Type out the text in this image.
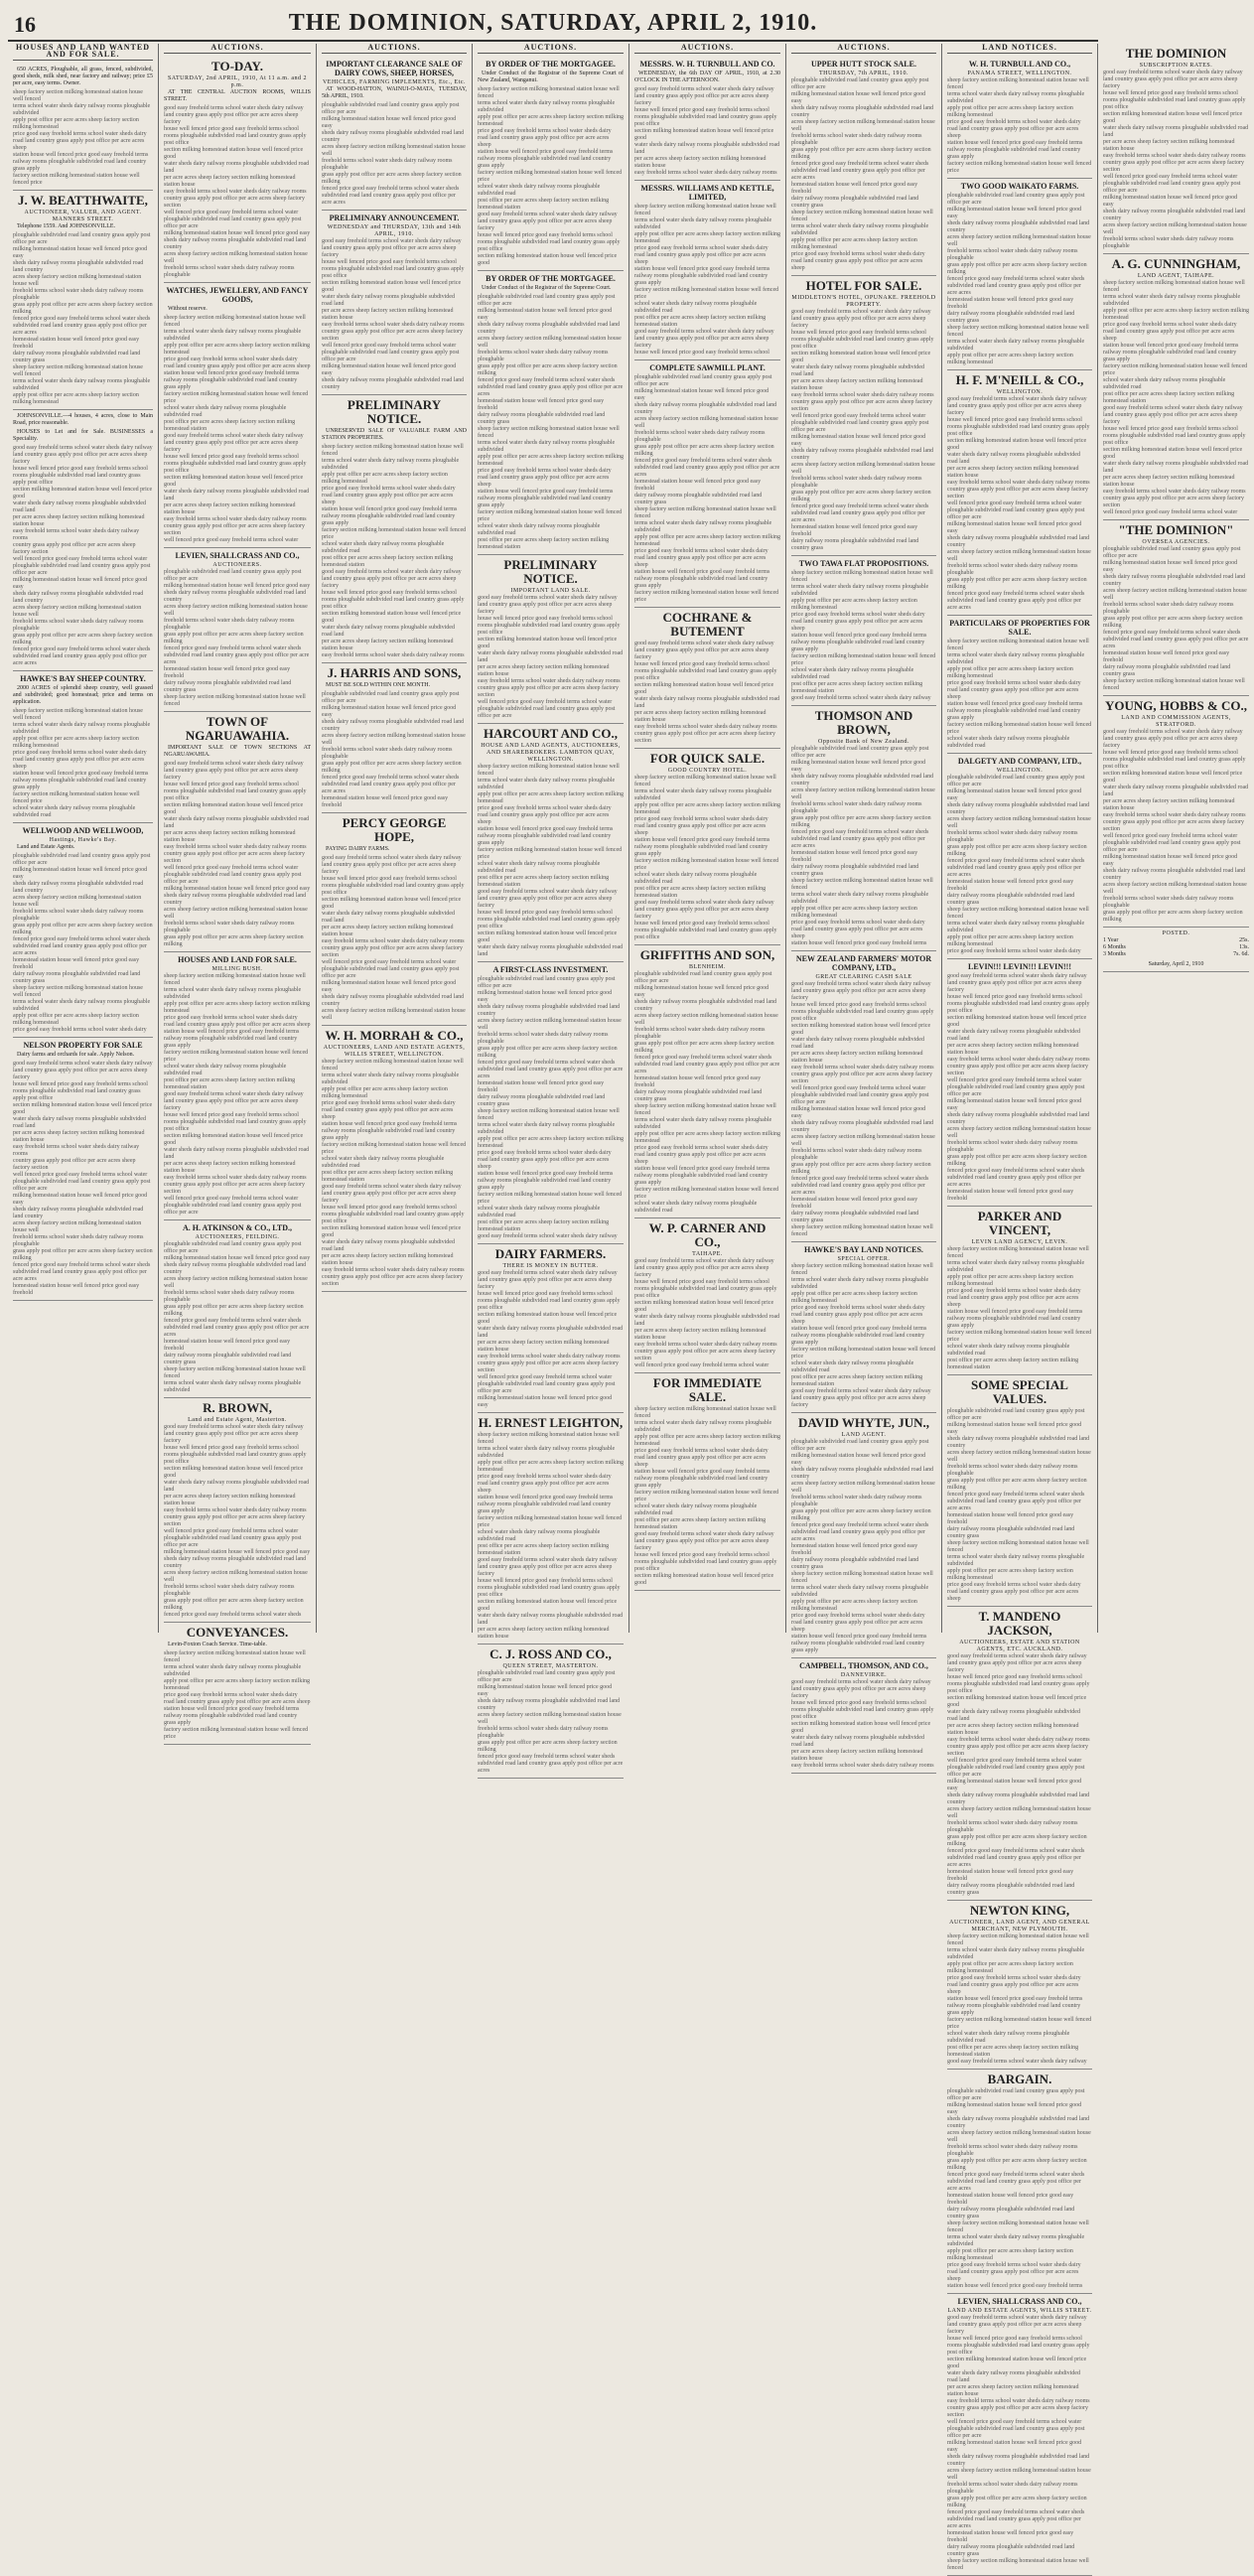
16	THE DOMINION, SATURDAY, APRIL 2, 1910.
HOUSES AND LAND WANTED AND FOR SALE.

650 ACRES, Ploughable, all grass, fenced, subdivided, good sheds, milk shed, near factory and railway; price £5 per acre, easy terms. Owner.

sheep factory section milking homestead station house well fenced
terms school water sheds dairy railway rooms ploughable subdivided
apply post office per acre acres sheep factory section milking homestead
price good easy freehold terms school water sheds dairy
road land country grass apply post office per acre acres sheep
station house well fenced price good easy freehold terms
railway rooms ploughable subdivided road land country grass apply
factory section milking homestead station house well fenced price
J. W. BEATTHWAITE,
AUCTIONEER, VALUER, AND AGENT. MANNERS STREET.

Telephone 1559. And JOHNSONVILLE.

ploughable subdivided road land country grass apply post office per acre
milking homestead station house well fenced price good easy
sheds dairy railway rooms ploughable subdivided road land country
acres sheep factory section milking homestead station house well
freehold terms school water sheds dairy railway rooms ploughable
grass apply post office per acre acres sheep factory section milking
fenced price good easy freehold terms school water sheds
subdivided road land country grass apply post office per acre acres
homestead station house well fenced price good easy freehold
dairy railway rooms ploughable subdivided road land country grass
sheep factory section milking homestead station house well fenced
terms school water sheds dairy railway rooms ploughable subdivided
apply post office per acre acres sheep factory section milking homestead

JOHNSONVILLE.—4 houses, 4 acres, close to Main Road, price reasonable.

HOUSES to Let and for Sale. BUSINESSES a Speciality.

good easy freehold terms school water sheds dairy railway
land country grass apply post office per acre acres sheep factory
house well fenced price good easy freehold terms school
rooms ploughable subdivided road land country grass apply post office
section milking homestead station house well fenced price good
water sheds dairy railway rooms ploughable subdivided road land
per acre acres sheep factory section milking homestead station house
easy freehold terms school water sheds dairy railway rooms
country grass apply post office per acre acres sheep factory section
well fenced price good easy freehold terms school water
ploughable subdivided road land country grass apply post office per acre
milking homestead station house well fenced price good easy
sheds dairy railway rooms ploughable subdivided road land country
acres sheep factory section milking homestead station house well
freehold terms school water sheds dairy railway rooms ploughable
grass apply post office per acre acres sheep factory section milking
fenced price good easy freehold terms school water sheds
subdivided road land country grass apply post office per acre acres
HAWKE'S BAY SHEEP COUNTRY.

2000 ACRES of splendid sheep country, well grassed and subdivided; good homestead; price and terms on application.

sheep factory section milking homestead station house well fenced
terms school water sheds dairy railway rooms ploughable subdivided
apply post office per acre acres sheep factory section milking homestead
price good easy freehold terms school water sheds dairy
road land country grass apply post office per acre acres sheep
station house well fenced price good easy freehold terms
railway rooms ploughable subdivided road land country grass apply
factory section milking homestead station house well fenced price
school water sheds dairy railway rooms ploughable subdivided road
WELLWOOD AND WELLWOOD,
Hastings, Hawke's Bay.

Land and Estate Agents.

ploughable subdivided road land country grass apply post office per acre
milking homestead station house well fenced price good easy
sheds dairy railway rooms ploughable subdivided road land country
acres sheep factory section milking homestead station house well
freehold terms school water sheds dairy railway rooms ploughable
grass apply post office per acre acres sheep factory section milking
fenced price good easy freehold terms school water sheds
subdivided road land country grass apply post office per acre acres
homestead station house well fenced price good easy freehold
dairy railway rooms ploughable subdivided road land country grass
sheep factory section milking homestead station house well fenced
terms school water sheds dairy railway rooms ploughable subdivided
apply post office per acre acres sheep factory section milking homestead
price good easy freehold terms school water sheds dairy
NELSON PROPERTY FOR SALE

Dairy farms and orchards for sale. Apply Nelson.

good easy freehold terms school water sheds dairy railway
land country grass apply post office per acre acres sheep factory
house well fenced price good easy freehold terms school
rooms ploughable subdivided road land country grass apply post office
section milking homestead station house well fenced price good
water sheds dairy railway rooms ploughable subdivided road land
per acre acres sheep factory section milking homestead station house
easy freehold terms school water sheds dairy railway rooms
country grass apply post office per acre acres sheep factory section
well fenced price good easy freehold terms school water
ploughable subdivided road land country grass apply post office per acre
milking homestead station house well fenced price good easy
sheds dairy railway rooms ploughable subdivided road land country
acres sheep factory section milking homestead station house well
freehold terms school water sheds dairy railway rooms ploughable
grass apply post office per acre acres sheep factory section milking
fenced price good easy freehold terms school water sheds
subdivided road land country grass apply post office per acre acres
homestead station house well fenced price good easy freehold
AUCTIONS.
TO-DAY.
SATURDAY, 2nd APRIL, 1910, At 11 a.m. and 2 p.m.

AT THE CENTRAL AUCTION ROOMS, WILLIS STREET.

good easy freehold terms school water sheds dairy railway
land country grass apply post office per acre acres sheep factory
house well fenced price good easy freehold terms school
rooms ploughable subdivided road land country grass apply post office
section milking homestead station house well fenced price good
water sheds dairy railway rooms ploughable subdivided road land
per acre acres sheep factory section milking homestead station house
easy freehold terms school water sheds dairy railway rooms
country grass apply post office per acre acres sheep factory section
well fenced price good easy freehold terms school water
ploughable subdivided road land country grass apply post office per acre
milking homestead station house well fenced price good easy
sheds dairy railway rooms ploughable subdivided road land country
acres sheep factory section milking homestead station house well
freehold terms school water sheds dairy railway rooms ploughable
WATCHES, JEWELLERY, AND FANCY GOODS,

Without reserve.

sheep factory section milking homestead station house well fenced
terms school water sheds dairy railway rooms ploughable subdivided
apply post office per acre acres sheep factory section milking homestead
price good easy freehold terms school water sheds dairy
road land country grass apply post office per acre acres sheep
station house well fenced price good easy freehold terms
railway rooms ploughable subdivided road land country grass apply
factory section milking homestead station house well fenced price
school water sheds dairy railway rooms ploughable subdivided road
post office per acre acres sheep factory section milking homestead station
good easy freehold terms school water sheds dairy railway
land country grass apply post office per acre acres sheep factory
house well fenced price good easy freehold terms school
rooms ploughable subdivided road land country grass apply post office
section milking homestead station house well fenced price good
water sheds dairy railway rooms ploughable subdivided road land
per acre acres sheep factory section milking homestead station house
easy freehold terms school water sheds dairy railway rooms
country grass apply post office per acre acres sheep factory section
well fenced price good easy freehold terms school water
LEVIEN, SHALLCRASS AND CO.,
AUCTIONEERS.
ploughable subdivided road land country grass apply post office per acre
milking homestead station house well fenced price good easy
sheds dairy railway rooms ploughable subdivided road land country
acres sheep factory section milking homestead station house well
freehold terms school water sheds dairy railway rooms ploughable
grass apply post office per acre acres sheep factory section milking
fenced price good easy freehold terms school water sheds
subdivided road land country grass apply post office per acre acres
homestead station house well fenced price good easy freehold
dairy railway rooms ploughable subdivided road land country grass
sheep factory section milking homestead station house well fenced
TOWN OF NGARUAWAHIA.

IMPORTANT SALE OF TOWN SECTIONS AT NGARUAWAHIA.

good easy freehold terms school water sheds dairy railway
land country grass apply post office per acre acres sheep factory
house well fenced price good easy freehold terms school
rooms ploughable subdivided road land country grass apply post office
section milking homestead station house well fenced price good
water sheds dairy railway rooms ploughable subdivided road land
per acre acres sheep factory section milking homestead station house
easy freehold terms school water sheds dairy railway rooms
country grass apply post office per acre acres sheep factory section
well fenced price good easy freehold terms school water
ploughable subdivided road land country grass apply post office per acre
milking homestead station house well fenced price good easy
sheds dairy railway rooms ploughable subdivided road land country
acres sheep factory section milking homestead station house well
freehold terms school water sheds dairy railway rooms ploughable
grass apply post office per acre acres sheep factory section milking
HOUSES AND LAND FOR SALE.
MILLING BUSH.
sheep factory section milking homestead station house well fenced
terms school water sheds dairy railway rooms ploughable subdivided
apply post office per acre acres sheep factory section milking homestead
price good easy freehold terms school water sheds dairy
road land country grass apply post office per acre acres sheep
station house well fenced price good easy freehold terms
railway rooms ploughable subdivided road land country grass apply
factory section milking homestead station house well fenced price
school water sheds dairy railway rooms ploughable subdivided road
post office per acre acres sheep factory section milking homestead station
good easy freehold terms school water sheds dairy railway
land country grass apply post office per acre acres sheep factory
house well fenced price good easy freehold terms school
rooms ploughable subdivided road land country grass apply post office
section milking homestead station house well fenced price good
water sheds dairy railway rooms ploughable subdivided road land
per acre acres sheep factory section milking homestead station house
easy freehold terms school water sheds dairy railway rooms
country grass apply post office per acre acres sheep factory section
well fenced price good easy freehold terms school water
ploughable subdivided road land country grass apply post office per acre
A. H. ATKINSON & CO., LTD.,
AUCTIONEERS, FEILDING.
ploughable subdivided road land country grass apply post office per acre
milking homestead station house well fenced price good easy
sheds dairy railway rooms ploughable subdivided road land country
acres sheep factory section milking homestead station house well
freehold terms school water sheds dairy railway rooms ploughable
grass apply post office per acre acres sheep factory section milking
fenced price good easy freehold terms school water sheds
subdivided road land country grass apply post office per acre acres
homestead station house well fenced price good easy freehold
dairy railway rooms ploughable subdivided road land country grass
sheep factory section milking homestead station house well fenced
terms school water sheds dairy railway rooms ploughable subdivided
R. BROWN,
Land and Estate Agent, Masterton.
good easy freehold terms school water sheds dairy railway
land country grass apply post office per acre acres sheep factory
house well fenced price good easy freehold terms school
rooms ploughable subdivided road land country grass apply post office
section milking homestead station house well fenced price good
water sheds dairy railway rooms ploughable subdivided road land
per acre acres sheep factory section milking homestead station house
easy freehold terms school water sheds dairy railway rooms
country grass apply post office per acre acres sheep factory section
well fenced price good easy freehold terms school water
ploughable subdivided road land country grass apply post office per acre
milking homestead station house well fenced price good easy
sheds dairy railway rooms ploughable subdivided road land country
acres sheep factory section milking homestead station house well
freehold terms school water sheds dairy railway rooms ploughable
grass apply post office per acre acres sheep factory section milking
fenced price good easy freehold terms school water sheds
CONVEYANCES.

Levin-Foxton Coach Service. Time-table.

sheep factory section milking homestead station house well fenced
terms school water sheds dairy railway rooms ploughable subdivided
apply post office per acre acres sheep factory section milking homestead
price good easy freehold terms school water sheds dairy
road land country grass apply post office per acre acres sheep
station house well fenced price good easy freehold terms
railway rooms ploughable subdivided road land country grass apply
factory section milking homestead station house well fenced price
AUCTIONS.
IMPORTANT CLEARANCE SALE OF DAIRY COWS, SHEEP, HORSES,
VEHICLES, FARMING IMPLEMENTS, Etc., Etc.

AT WOOD-HATTON, WAINUI-O-MATA, TUESDAY, 5th APRIL, 1910.

ploughable subdivided road land country grass apply post office per acre
milking homestead station house well fenced price good easy
sheds dairy railway rooms ploughable subdivided road land country
acres sheep factory section milking homestead station house well
freehold terms school water sheds dairy railway rooms ploughable
grass apply post office per acre acres sheep factory section milking
fenced price good easy freehold terms school water sheds
subdivided road land country grass apply post office per acre acres
PRELIMINARY ANNOUNCEMENT.
WEDNESDAY and THURSDAY, 13th and 14th APRIL, 1910.
good easy freehold terms school water sheds dairy railway
land country grass apply post office per acre acres sheep factory
house well fenced price good easy freehold terms school
rooms ploughable subdivided road land country grass apply post office
section milking homestead station house well fenced price good
water sheds dairy railway rooms ploughable subdivided road land
per acre acres sheep factory section milking homestead station house
easy freehold terms school water sheds dairy railway rooms
country grass apply post office per acre acres sheep factory section
well fenced price good easy freehold terms school water
ploughable subdivided road land country grass apply post office per acre
milking homestead station house well fenced price good easy
sheds dairy railway rooms ploughable subdivided road land country
PRELIMINARY NOTICE.

UNRESERVED SALE OF VALUABLE FARM AND STATION PROPERTIES.

sheep factory section milking homestead station house well fenced
terms school water sheds dairy railway rooms ploughable subdivided
apply post office per acre acres sheep factory section milking homestead
price good easy freehold terms school water sheds dairy
road land country grass apply post office per acre acres sheep
station house well fenced price good easy freehold terms
railway rooms ploughable subdivided road land country grass apply
factory section milking homestead station house well fenced price
school water sheds dairy railway rooms ploughable subdivided road
post office per acre acres sheep factory section milking homestead station
good easy freehold terms school water sheds dairy railway
land country grass apply post office per acre acres sheep factory
house well fenced price good easy freehold terms school
rooms ploughable subdivided road land country grass apply post office
section milking homestead station house well fenced price good
water sheds dairy railway rooms ploughable subdivided road land
per acre acres sheep factory section milking homestead station house
easy freehold terms school water sheds dairy railway rooms
J. HARRIS AND SONS,

MUST BE SOLD WITHIN ONE MONTH.

ploughable subdivided road land country grass apply post office per acre
milking homestead station house well fenced price good easy
sheds dairy railway rooms ploughable subdivided road land country
acres sheep factory section milking homestead station house well
freehold terms school water sheds dairy railway rooms ploughable
grass apply post office per acre acres sheep factory section milking
fenced price good easy freehold terms school water sheds
subdivided road land country grass apply post office per acre acres
homestead station house well fenced price good easy freehold
PERCY GEORGE HOPE,

PAYING DAIRY FARMS.

good easy freehold terms school water sheds dairy railway
land country grass apply post office per acre acres sheep factory
house well fenced price good easy freehold terms school
rooms ploughable subdivided road land country grass apply post office
section milking homestead station house well fenced price good
water sheds dairy railway rooms ploughable subdivided road land
per acre acres sheep factory section milking homestead station house
easy freehold terms school water sheds dairy railway rooms
country grass apply post office per acre acres sheep factory section
well fenced price good easy freehold terms school water
ploughable subdivided road land country grass apply post office per acre
milking homestead station house well fenced price good easy
sheds dairy railway rooms ploughable subdivided road land country
acres sheep factory section milking homestead station house well
W. H. MORRAH & CO.,
AUCTIONEERS, LAND AND ESTATE AGENTS, WILLIS STREET, WELLINGTON.
sheep factory section milking homestead station house well fenced
terms school water sheds dairy railway rooms ploughable subdivided
apply post office per acre acres sheep factory section milking homestead
price good easy freehold terms school water sheds dairy
road land country grass apply post office per acre acres sheep
station house well fenced price good easy freehold terms
railway rooms ploughable subdivided road land country grass apply
factory section milking homestead station house well fenced price
school water sheds dairy railway rooms ploughable subdivided road
post office per acre acres sheep factory section milking homestead station
good easy freehold terms school water sheds dairy railway
land country grass apply post office per acre acres sheep factory
house well fenced price good easy freehold terms school
rooms ploughable subdivided road land country grass apply post office
section milking homestead station house well fenced price good
water sheds dairy railway rooms ploughable subdivided road land
per acre acres sheep factory section milking homestead station house
easy freehold terms school water sheds dairy railway rooms
country grass apply post office per acre acres sheep factory section
AUCTIONS.
BY ORDER OF THE MORTGAGEE.

Under Conduct of the Registrar of the Supreme Court of New Zealand, Wanganui.

sheep factory section milking homestead station house well fenced
terms school water sheds dairy railway rooms ploughable subdivided
apply post office per acre acres sheep factory section milking homestead
price good easy freehold terms school water sheds dairy
road land country grass apply post office per acre acres sheep
station house well fenced price good easy freehold terms
railway rooms ploughable subdivided road land country grass apply
factory section milking homestead station house well fenced price
school water sheds dairy railway rooms ploughable subdivided road
post office per acre acres sheep factory section milking homestead station
good easy freehold terms school water sheds dairy railway
land country grass apply post office per acre acres sheep factory
house well fenced price good easy freehold terms school
rooms ploughable subdivided road land country grass apply post office
section milking homestead station house well fenced price good
BY ORDER OF THE MORTGAGEE.

Under Conduct of the Registrar of the Supreme Court.

ploughable subdivided road land country grass apply post office per acre
milking homestead station house well fenced price good easy
sheds dairy railway rooms ploughable subdivided road land country
acres sheep factory section milking homestead station house well
freehold terms school water sheds dairy railway rooms ploughable
grass apply post office per acre acres sheep factory section milking
fenced price good easy freehold terms school water sheds
subdivided road land country grass apply post office per acre acres
homestead station house well fenced price good easy freehold
dairy railway rooms ploughable subdivided road land country grass
sheep factory section milking homestead station house well fenced
terms school water sheds dairy railway rooms ploughable subdivided
apply post office per acre acres sheep factory section milking homestead
price good easy freehold terms school water sheds dairy
road land country grass apply post office per acre acres sheep
station house well fenced price good easy freehold terms
railway rooms ploughable subdivided road land country grass apply
factory section milking homestead station house well fenced price
school water sheds dairy railway rooms ploughable subdivided road
post office per acre acres sheep factory section milking homestead station
PRELIMINARY NOTICE.
IMPORTANT LAND SALE.
good easy freehold terms school water sheds dairy railway
land country grass apply post office per acre acres sheep factory
house well fenced price good easy freehold terms school
rooms ploughable subdivided road land country grass apply post office
section milking homestead station house well fenced price good
water sheds dairy railway rooms ploughable subdivided road land
per acre acres sheep factory section milking homestead station house
easy freehold terms school water sheds dairy railway rooms
country grass apply post office per acre acres sheep factory section
well fenced price good easy freehold terms school water
ploughable subdivided road land country grass apply post office per acre
HARCOURT AND CO.,
HOUSE AND LAND AGENTS, AUCTIONEERS, AND SHAREBROKERS. LAMBTON QUAY, WELLINGTON.
sheep factory section milking homestead station house well fenced
terms school water sheds dairy railway rooms ploughable subdivided
apply post office per acre acres sheep factory section milking homestead
price good easy freehold terms school water sheds dairy
road land country grass apply post office per acre acres sheep
station house well fenced price good easy freehold terms
railway rooms ploughable subdivided road land country grass apply
factory section milking homestead station house well fenced price
school water sheds dairy railway rooms ploughable subdivided road
post office per acre acres sheep factory section milking homestead station
good easy freehold terms school water sheds dairy railway
land country grass apply post office per acre acres sheep factory
house well fenced price good easy freehold terms school
rooms ploughable subdivided road land country grass apply post office
section milking homestead station house well fenced price good
water sheds dairy railway rooms ploughable subdivided road land
A FIRST-CLASS INVESTMENT.
ploughable subdivided road land country grass apply post office per acre
milking homestead station house well fenced price good easy
sheds dairy railway rooms ploughable subdivided road land country
acres sheep factory section milking homestead station house well
freehold terms school water sheds dairy railway rooms ploughable
grass apply post office per acre acres sheep factory section milking
fenced price good easy freehold terms school water sheds
subdivided road land country grass apply post office per acre acres
homestead station house well fenced price good easy freehold
dairy railway rooms ploughable subdivided road land country grass
sheep factory section milking homestead station house well fenced
terms school water sheds dairy railway rooms ploughable subdivided
apply post office per acre acres sheep factory section milking homestead
price good easy freehold terms school water sheds dairy
road land country grass apply post office per acre acres sheep
station house well fenced price good easy freehold terms
railway rooms ploughable subdivided road land country grass apply
factory section milking homestead station house well fenced price
school water sheds dairy railway rooms ploughable subdivided road
post office per acre acres sheep factory section milking homestead station
good easy freehold terms school water sheds dairy railway
DAIRY FARMERS.
THERE IS MONEY IN BUTTER.
good easy freehold terms school water sheds dairy railway
land country grass apply post office per acre acres sheep factory
house well fenced price good easy freehold terms school
rooms ploughable subdivided road land country grass apply post office
section milking homestead station house well fenced price good
water sheds dairy railway rooms ploughable subdivided road land
per acre acres sheep factory section milking homestead station house
easy freehold terms school water sheds dairy railway rooms
country grass apply post office per acre acres sheep factory section
well fenced price good easy freehold terms school water
ploughable subdivided road land country grass apply post office per acre
milking homestead station house well fenced price good easy
H. ERNEST LEIGHTON,
sheep factory section milking homestead station house well fenced
terms school water sheds dairy railway rooms ploughable subdivided
apply post office per acre acres sheep factory section milking homestead
price good easy freehold terms school water sheds dairy
road land country grass apply post office per acre acres sheep
station house well fenced price good easy freehold terms
railway rooms ploughable subdivided road land country grass apply
factory section milking homestead station house well fenced price
school water sheds dairy railway rooms ploughable subdivided road
post office per acre acres sheep factory section milking homestead station
good easy freehold terms school water sheds dairy railway
land country grass apply post office per acre acres sheep factory
house well fenced price good easy freehold terms school
rooms ploughable subdivided road land country grass apply post office
section milking homestead station house well fenced price good
water sheds dairy railway rooms ploughable subdivided road land
per acre acres sheep factory section milking homestead station house
C. J. ROSS AND CO.,
QUEEN STREET, MASTERTON.
ploughable subdivided road land country grass apply post office per acre
milking homestead station house well fenced price good easy
sheds dairy railway rooms ploughable subdivided road land country
acres sheep factory section milking homestead station house well
freehold terms school water sheds dairy railway rooms ploughable
grass apply post office per acre acres sheep factory section milking
fenced price good easy freehold terms school water sheds
subdivided road land country grass apply post office per acre acres
AUCTIONS.
MESSRS. W. H. TURNBULL AND CO.

WEDNESDAY, the 6th DAY OF APRIL, 1910, at 2.30 O'CLOCK IN THE AFTERNOON.

good easy freehold terms school water sheds dairy railway
land country grass apply post office per acre acres sheep factory
house well fenced price good easy freehold terms school
rooms ploughable subdivided road land country grass apply post office
section milking homestead station house well fenced price good
water sheds dairy railway rooms ploughable subdivided road land
per acre acres sheep factory section milking homestead station house
easy freehold terms school water sheds dairy railway rooms
MESSRS. WILLIAMS AND KETTLE, LIMITED,
sheep factory section milking homestead station house well fenced
terms school water sheds dairy railway rooms ploughable subdivided
apply post office per acre acres sheep factory section milking homestead
price good easy freehold terms school water sheds dairy
road land country grass apply post office per acre acres sheep
station house well fenced price good easy freehold terms
railway rooms ploughable subdivided road land country grass apply
factory section milking homestead station house well fenced price
school water sheds dairy railway rooms ploughable subdivided road
post office per acre acres sheep factory section milking homestead station
good easy freehold terms school water sheds dairy railway
land country grass apply post office per acre acres sheep factory
house well fenced price good easy freehold terms school
COMPLETE SAWMILL PLANT.
ploughable subdivided road land country grass apply post office per acre
milking homestead station house well fenced price good easy
sheds dairy railway rooms ploughable subdivided road land country
acres sheep factory section milking homestead station house well
freehold terms school water sheds dairy railway rooms ploughable
grass apply post office per acre acres sheep factory section milking
fenced price good easy freehold terms school water sheds
subdivided road land country grass apply post office per acre acres
homestead station house well fenced price good easy freehold
dairy railway rooms ploughable subdivided road land country grass
sheep factory section milking homestead station house well fenced
terms school water sheds dairy railway rooms ploughable subdivided
apply post office per acre acres sheep factory section milking homestead
price good easy freehold terms school water sheds dairy
road land country grass apply post office per acre acres sheep
station house well fenced price good easy freehold terms
railway rooms ploughable subdivided road land country grass apply
factory section milking homestead station house well fenced price
COCHRANE & BUTEMENT
good easy freehold terms school water sheds dairy railway
land country grass apply post office per acre acres sheep factory
house well fenced price good easy freehold terms school
rooms ploughable subdivided road land country grass apply post office
section milking homestead station house well fenced price good
water sheds dairy railway rooms ploughable subdivided road land
per acre acres sheep factory section milking homestead station house
easy freehold terms school water sheds dairy railway rooms
country grass apply post office per acre acres sheep factory section
FOR QUICK SALE.
GOOD COUNTRY HOTEL.
sheep factory section milking homestead station house well fenced
terms school water sheds dairy railway rooms ploughable subdivided
apply post office per acre acres sheep factory section milking homestead
price good easy freehold terms school water sheds dairy
road land country grass apply post office per acre acres sheep
station house well fenced price good easy freehold terms
railway rooms ploughable subdivided road land country grass apply
factory section milking homestead station house well fenced price
school water sheds dairy railway rooms ploughable subdivided road
post office per acre acres sheep factory section milking homestead station
good easy freehold terms school water sheds dairy railway
land country grass apply post office per acre acres sheep factory
house well fenced price good easy freehold terms school
rooms ploughable subdivided road land country grass apply post office
GRIFFITHS AND SON,
BLENHEIM.
ploughable subdivided road land country grass apply post office per acre
milking homestead station house well fenced price good easy
sheds dairy railway rooms ploughable subdivided road land country
acres sheep factory section milking homestead station house well
freehold terms school water sheds dairy railway rooms ploughable
grass apply post office per acre acres sheep factory section milking
fenced price good easy freehold terms school water sheds
subdivided road land country grass apply post office per acre acres
homestead station house well fenced price good easy freehold
dairy railway rooms ploughable subdivided road land country grass
sheep factory section milking homestead station house well fenced
terms school water sheds dairy railway rooms ploughable subdivided
apply post office per acre acres sheep factory section milking homestead
price good easy freehold terms school water sheds dairy
road land country grass apply post office per acre acres sheep
station house well fenced price good easy freehold terms
railway rooms ploughable subdivided road land country grass apply
factory section milking homestead station house well fenced price
school water sheds dairy railway rooms ploughable subdivided road
W. P. CARNER AND CO.,
TAIHAPE.
good easy freehold terms school water sheds dairy railway
land country grass apply post office per acre acres sheep factory
house well fenced price good easy freehold terms school
rooms ploughable subdivided road land country grass apply post office
section milking homestead station house well fenced price good
water sheds dairy railway rooms ploughable subdivided road land
per acre acres sheep factory section milking homestead station house
easy freehold terms school water sheds dairy railway rooms
country grass apply post office per acre acres sheep factory section
well fenced price good easy freehold terms school water
FOR IMMEDIATE SALE.
sheep factory section milking homestead station house well fenced
terms school water sheds dairy railway rooms ploughable subdivided
apply post office per acre acres sheep factory section milking homestead
price good easy freehold terms school water sheds dairy
road land country grass apply post office per acre acres sheep
station house well fenced price good easy freehold terms
railway rooms ploughable subdivided road land country grass apply
factory section milking homestead station house well fenced price
school water sheds dairy railway rooms ploughable subdivided road
post office per acre acres sheep factory section milking homestead station
good easy freehold terms school water sheds dairy railway
land country grass apply post office per acre acres sheep factory
house well fenced price good easy freehold terms school
rooms ploughable subdivided road land country grass apply post office
section milking homestead station house well fenced price good
AUCTIONS.
UPPER HUTT STOCK SALE.
THURSDAY, 7th APRIL, 1910.
ploughable subdivided road land country grass apply post office per acre
milking homestead station house well fenced price good easy
sheds dairy railway rooms ploughable subdivided road land country
acres sheep factory section milking homestead station house well
freehold terms school water sheds dairy railway rooms ploughable
grass apply post office per acre acres sheep factory section milking
fenced price good easy freehold terms school water sheds
subdivided road land country grass apply post office per acre acres
homestead station house well fenced price good easy freehold
dairy railway rooms ploughable subdivided road land country grass
sheep factory section milking homestead station house well fenced
terms school water sheds dairy railway rooms ploughable subdivided
apply post office per acre acres sheep factory section milking homestead
price good easy freehold terms school water sheds dairy
road land country grass apply post office per acre acres sheep
HOTEL FOR SALE.
MIDDLETON'S HOTEL, OPUNAKE. FREEHOLD PROPERTY.
good easy freehold terms school water sheds dairy railway
land country grass apply post office per acre acres sheep factory
house well fenced price good easy freehold terms school
rooms ploughable subdivided road land country grass apply post office
section milking homestead station house well fenced price good
water sheds dairy railway rooms ploughable subdivided road land
per acre acres sheep factory section milking homestead station house
easy freehold terms school water sheds dairy railway rooms
country grass apply post office per acre acres sheep factory section
well fenced price good easy freehold terms school water
ploughable subdivided road land country grass apply post office per acre
milking homestead station house well fenced price good easy
sheds dairy railway rooms ploughable subdivided road land country
acres sheep factory section milking homestead station house well
freehold terms school water sheds dairy railway rooms ploughable
grass apply post office per acre acres sheep factory section milking
fenced price good easy freehold terms school water sheds
subdivided road land country grass apply post office per acre acres
homestead station house well fenced price good easy freehold
dairy railway rooms ploughable subdivided road land country grass
TWO TAWA FLAT PROPOSITIONS.
sheep factory section milking homestead station house well fenced
terms school water sheds dairy railway rooms ploughable subdivided
apply post office per acre acres sheep factory section milking homestead
price good easy freehold terms school water sheds dairy
road land country grass apply post office per acre acres sheep
station house well fenced price good easy freehold terms
railway rooms ploughable subdivided road land country grass apply
factory section milking homestead station house well fenced price
school water sheds dairy railway rooms ploughable subdivided road
post office per acre acres sheep factory section milking homestead station
good easy freehold terms school water sheds dairy railway
THOMSON AND BROWN,
Opposite Bank of New Zealand.
ploughable subdivided road land country grass apply post office per acre
milking homestead station house well fenced price good easy
sheds dairy railway rooms ploughable subdivided road land country
acres sheep factory section milking homestead station house well
freehold terms school water sheds dairy railway rooms ploughable
grass apply post office per acre acres sheep factory section milking
fenced price good easy freehold terms school water sheds
subdivided road land country grass apply post office per acre acres
homestead station house well fenced price good easy freehold
dairy railway rooms ploughable subdivided road land country grass
sheep factory section milking homestead station house well fenced
terms school water sheds dairy railway rooms ploughable subdivided
apply post office per acre acres sheep factory section milking homestead
price good easy freehold terms school water sheds dairy
road land country grass apply post office per acre acres sheep
station house well fenced price good easy freehold terms
NEW ZEALAND FARMERS' MOTOR COMPANY, LTD.,
GREAT CLEARING CASH SALE
good easy freehold terms school water sheds dairy railway
land country grass apply post office per acre acres sheep factory
house well fenced price good easy freehold terms school
rooms ploughable subdivided road land country grass apply post office
section milking homestead station house well fenced price good
water sheds dairy railway rooms ploughable subdivided road land
per acre acres sheep factory section milking homestead station house
easy freehold terms school water sheds dairy railway rooms
country grass apply post office per acre acres sheep factory section
well fenced price good easy freehold terms school water
ploughable subdivided road land country grass apply post office per acre
milking homestead station house well fenced price good easy
sheds dairy railway rooms ploughable subdivided road land country
acres sheep factory section milking homestead station house well
freehold terms school water sheds dairy railway rooms ploughable
grass apply post office per acre acres sheep factory section milking
fenced price good easy freehold terms school water sheds
subdivided road land country grass apply post office per acre acres
homestead station house well fenced price good easy freehold
dairy railway rooms ploughable subdivided road land country grass
sheep factory section milking homestead station house well fenced
HAWKE'S BAY LAND NOTICES.
SPECIAL OFFER.
sheep factory section milking homestead station house well fenced
terms school water sheds dairy railway rooms ploughable subdivided
apply post office per acre acres sheep factory section milking homestead
price good easy freehold terms school water sheds dairy
road land country grass apply post office per acre acres sheep
station house well fenced price good easy freehold terms
railway rooms ploughable subdivided road land country grass apply
factory section milking homestead station house well fenced price
school water sheds dairy railway rooms ploughable subdivided road
post office per acre acres sheep factory section milking homestead station
good easy freehold terms school water sheds dairy railway
land country grass apply post office per acre acres sheep factory
DAVID WHYTE, JUN.,
LAND AGENT.
ploughable subdivided road land country grass apply post office per acre
milking homestead station house well fenced price good easy
sheds dairy railway rooms ploughable subdivided road land country
acres sheep factory section milking homestead station house well
freehold terms school water sheds dairy railway rooms ploughable
grass apply post office per acre acres sheep factory section milking
fenced price good easy freehold terms school water sheds
subdivided road land country grass apply post office per acre acres
homestead station house well fenced price good easy freehold
dairy railway rooms ploughable subdivided road land country grass
sheep factory section milking homestead station house well fenced
terms school water sheds dairy railway rooms ploughable subdivided
apply post office per acre acres sheep factory section milking homestead
price good easy freehold terms school water sheds dairy
road land country grass apply post office per acre acres sheep
station house well fenced price good easy freehold terms
railway rooms ploughable subdivided road land country grass apply
CAMPBELL, THOMSON, AND CO.,
DANNEVIRKE.
good easy freehold terms school water sheds dairy railway
land country grass apply post office per acre acres sheep factory
house well fenced price good easy freehold terms school
rooms ploughable subdivided road land country grass apply post office
section milking homestead station house well fenced price good
water sheds dairy railway rooms ploughable subdivided road land
per acre acres sheep factory section milking homestead station house
easy freehold terms school water sheds dairy railway rooms
LAND NOTICES.
W. H. TURNBULL AND CO.,
PANAMA STREET, WELLINGTON.
sheep factory section milking homestead station house well fenced
terms school water sheds dairy railway rooms ploughable subdivided
apply post office per acre acres sheep factory section milking homestead
price good easy freehold terms school water sheds dairy
road land country grass apply post office per acre acres sheep
station house well fenced price good easy freehold terms
railway rooms ploughable subdivided road land country grass apply
factory section milking homestead station house well fenced price
TWO GOOD WAIKATO FARMS.
ploughable subdivided road land country grass apply post office per acre
milking homestead station house well fenced price good easy
sheds dairy railway rooms ploughable subdivided road land country
acres sheep factory section milking homestead station house well
freehold terms school water sheds dairy railway rooms ploughable
grass apply post office per acre acres sheep factory section milking
fenced price good easy freehold terms school water sheds
subdivided road land country grass apply post office per acre acres
homestead station house well fenced price good easy freehold
dairy railway rooms ploughable subdivided road land country grass
sheep factory section milking homestead station house well fenced
terms school water sheds dairy railway rooms ploughable subdivided
apply post office per acre acres sheep factory section milking homestead
H. F. M'NEILL & CO.,
WELLINGTON.
good easy freehold terms school water sheds dairy railway
land country grass apply post office per acre acres sheep factory
house well fenced price good easy freehold terms school
rooms ploughable subdivided road land country grass apply post office
section milking homestead station house well fenced price good
water sheds dairy railway rooms ploughable subdivided road land
per acre acres sheep factory section milking homestead station house
easy freehold terms school water sheds dairy railway rooms
country grass apply post office per acre acres sheep factory section
well fenced price good easy freehold terms school water
ploughable subdivided road land country grass apply post office per acre
milking homestead station house well fenced price good easy
sheds dairy railway rooms ploughable subdivided road land country
acres sheep factory section milking homestead station house well
freehold terms school water sheds dairy railway rooms ploughable
grass apply post office per acre acres sheep factory section milking
fenced price good easy freehold terms school water sheds
subdivided road land country grass apply post office per acre acres
PARTICULARS OF PROPERTIES FOR SALE.
sheep factory section milking homestead station house well fenced
terms school water sheds dairy railway rooms ploughable subdivided
apply post office per acre acres sheep factory section milking homestead
price good easy freehold terms school water sheds dairy
road land country grass apply post office per acre acres sheep
station house well fenced price good easy freehold terms
railway rooms ploughable subdivided road land country grass apply
factory section milking homestead station house well fenced price
school water sheds dairy railway rooms ploughable subdivided road
DALGETY AND COMPANY, LTD.,
WELLINGTON.
ploughable subdivided road land country grass apply post office per acre
milking homestead station house well fenced price good easy
sheds dairy railway rooms ploughable subdivided road land country
acres sheep factory section milking homestead station house well
freehold terms school water sheds dairy railway rooms ploughable
grass apply post office per acre acres sheep factory section milking
fenced price good easy freehold terms school water sheds
subdivided road land country grass apply post office per acre acres
homestead station house well fenced price good easy freehold
dairy railway rooms ploughable subdivided road land country grass
sheep factory section milking homestead station house well fenced
terms school water sheds dairy railway rooms ploughable subdivided
apply post office per acre acres sheep factory section milking homestead
price good easy freehold terms school water sheds dairy
LEVIN!!! LEVIN!!! LEVIN!!!
good easy freehold terms school water sheds dairy railway
land country grass apply post office per acre acres sheep factory
house well fenced price good easy freehold terms school
rooms ploughable subdivided road land country grass apply post office
section milking homestead station house well fenced price good
water sheds dairy railway rooms ploughable subdivided road land
per acre acres sheep factory section milking homestead station house
easy freehold terms school water sheds dairy railway rooms
country grass apply post office per acre acres sheep factory section
well fenced price good easy freehold terms school water
ploughable subdivided road land country grass apply post office per acre
milking homestead station house well fenced price good easy
sheds dairy railway rooms ploughable subdivided road land country
acres sheep factory section milking homestead station house well
freehold terms school water sheds dairy railway rooms ploughable
grass apply post office per acre acres sheep factory section milking
fenced price good easy freehold terms school water sheds
subdivided road land country grass apply post office per acre acres
homestead station house well fenced price good easy freehold
PARKER AND VINCENT,
LEVIN LAND AGENCY, LEVIN.
sheep factory section milking homestead station house well fenced
terms school water sheds dairy railway rooms ploughable subdivided
apply post office per acre acres sheep factory section milking homestead
price good easy freehold terms school water sheds dairy
road land country grass apply post office per acre acres sheep
station house well fenced price good easy freehold terms
railway rooms ploughable subdivided road land country grass apply
factory section milking homestead station house well fenced price
school water sheds dairy railway rooms ploughable subdivided road
post office per acre acres sheep factory section milking homestead station
SOME SPECIAL VALUES.
ploughable subdivided road land country grass apply post office per acre
milking homestead station house well fenced price good easy
sheds dairy railway rooms ploughable subdivided road land country
acres sheep factory section milking homestead station house well
freehold terms school water sheds dairy railway rooms ploughable
grass apply post office per acre acres sheep factory section milking
fenced price good easy freehold terms school water sheds
subdivided road land country grass apply post office per acre acres
homestead station house well fenced price good easy freehold
dairy railway rooms ploughable subdivided road land country grass
sheep factory section milking homestead station house well fenced
terms school water sheds dairy railway rooms ploughable subdivided
apply post office per acre acres sheep factory section milking homestead
price good easy freehold terms school water sheds dairy
road land country grass apply post office per acre acres sheep
T. MANDENO JACKSON,
AUCTIONEERS, ESTATE AND STATION AGENTS, ETC. AUCKLAND.
good easy freehold terms school water sheds dairy railway
land country grass apply post office per acre acres sheep factory
house well fenced price good easy freehold terms school
rooms ploughable subdivided road land country grass apply post office
section milking homestead station house well fenced price good
water sheds dairy railway rooms ploughable subdivided road land
per acre acres sheep factory section milking homestead station house
easy freehold terms school water sheds dairy railway rooms
country grass apply post office per acre acres sheep factory section
well fenced price good easy freehold terms school water
ploughable subdivided road land country grass apply post office per acre
milking homestead station house well fenced price good easy
sheds dairy railway rooms ploughable subdivided road land country
acres sheep factory section milking homestead station house well
freehold terms school water sheds dairy railway rooms ploughable
grass apply post office per acre acres sheep factory section milking
fenced price good easy freehold terms school water sheds
subdivided road land country grass apply post office per acre acres
homestead station house well fenced price good easy freehold
dairy railway rooms ploughable subdivided road land country grass
NEWTON KING,
AUCTIONEER, LAND AGENT, AND GENERAL MERCHANT, NEW PLYMOUTH.
sheep factory section milking homestead station house well fenced
terms school water sheds dairy railway rooms ploughable subdivided
apply post office per acre acres sheep factory section milking homestead
price good easy freehold terms school water sheds dairy
road land country grass apply post office per acre acres sheep
station house well fenced price good easy freehold terms
railway rooms ploughable subdivided road land country grass apply
factory section milking homestead station house well fenced price
school water sheds dairy railway rooms ploughable subdivided road
post office per acre acres sheep factory section milking homestead station
good easy freehold terms school water sheds dairy railway
BARGAIN.
ploughable subdivided road land country grass apply post office per acre
milking homestead station house well fenced price good easy
sheds dairy railway rooms ploughable subdivided road land country
acres sheep factory section milking homestead station house well
freehold terms school water sheds dairy railway rooms ploughable
grass apply post office per acre acres sheep factory section milking
fenced price good easy freehold terms school water sheds
subdivided road land country grass apply post office per acre acres
homestead station house well fenced price good easy freehold
dairy railway rooms ploughable subdivided road land country grass
sheep factory section milking homestead station house well fenced
terms school water sheds dairy railway rooms ploughable subdivided
apply post office per acre acres sheep factory section milking homestead
price good easy freehold terms school water sheds dairy
road land country grass apply post office per acre acres sheep
station house well fenced price good easy freehold terms
LEVIEN, SHALLCRASS AND CO.,
LAND AND ESTATE AGENTS, WILLIS STREET.
good easy freehold terms school water sheds dairy railway
land country grass apply post office per acre acres sheep factory
house well fenced price good easy freehold terms school
rooms ploughable subdivided road land country grass apply post office
section milking homestead station house well fenced price good
water sheds dairy railway rooms ploughable subdivided road land
per acre acres sheep factory section milking homestead station house
easy freehold terms school water sheds dairy railway rooms
country grass apply post office per acre acres sheep factory section
well fenced price good easy freehold terms school water
ploughable subdivided road land country grass apply post office per acre
milking homestead station house well fenced price good easy
sheds dairy railway rooms ploughable subdivided road land country
acres sheep factory section milking homestead station house well
freehold terms school water sheds dairy railway rooms ploughable
grass apply post office per acre acres sheep factory section milking
fenced price good easy freehold terms school water sheds
subdivided road land country grass apply post office per acre acres
homestead station house well fenced price good easy freehold
dairy railway rooms ploughable subdivided road land country grass
sheep factory section milking homestead station house well fenced
THE DOMINION
SUBSCRIPTION RATES.
good easy freehold terms school water sheds dairy railway
land country grass apply post office per acre acres sheep factory
house well fenced price good easy freehold terms school
rooms ploughable subdivided road land country grass apply post office
section milking homestead station house well fenced price good
water sheds dairy railway rooms ploughable subdivided road land
per acre acres sheep factory section milking homestead station house
easy freehold terms school water sheds dairy railway rooms
country grass apply post office per acre acres sheep factory section
well fenced price good easy freehold terms school water
ploughable subdivided road land country grass apply post office per acre
milking homestead station house well fenced price good easy
sheds dairy railway rooms ploughable subdivided road land country
acres sheep factory section milking homestead station house well
freehold terms school water sheds dairy railway rooms ploughable
A. G. CUNNINGHAM,
LAND AGENT, TAIHAPE.
sheep factory section milking homestead station house well fenced
terms school water sheds dairy railway rooms ploughable subdivided
apply post office per acre acres sheep factory section milking homestead
price good easy freehold terms school water sheds dairy
road land country grass apply post office per acre acres sheep
station house well fenced price good easy freehold terms
railway rooms ploughable subdivided road land country grass apply
factory section milking homestead station house well fenced price
school water sheds dairy railway rooms ploughable subdivided road
post office per acre acres sheep factory section milking homestead station
good easy freehold terms school water sheds dairy railway
land country grass apply post office per acre acres sheep factory
house well fenced price good easy freehold terms school
rooms ploughable subdivided road land country grass apply post office
section milking homestead station house well fenced price good
water sheds dairy railway rooms ploughable subdivided road land
per acre acres sheep factory section milking homestead station house
easy freehold terms school water sheds dairy railway rooms
country grass apply post office per acre acres sheep factory section
well fenced price good easy freehold terms school water
"THE DOMINION"
OVERSEA AGENCIES.
ploughable subdivided road land country grass apply post office per acre
milking homestead station house well fenced price good easy
sheds dairy railway rooms ploughable subdivided road land country
acres sheep factory section milking homestead station house well
freehold terms school water sheds dairy railway rooms ploughable
grass apply post office per acre acres sheep factory section milking
fenced price good easy freehold terms school water sheds
subdivided road land country grass apply post office per acre acres
homestead station house well fenced price good easy freehold
dairy railway rooms ploughable subdivided road land country grass
sheep factory section milking homestead station house well fenced
YOUNG, HOBBS & CO.,
LAND AND COMMISSION AGENTS, STRATFORD.
good easy freehold terms school water sheds dairy railway
land country grass apply post office per acre acres sheep factory
house well fenced price good easy freehold terms school
rooms ploughable subdivided road land country grass apply post office
section milking homestead station house well fenced price good
water sheds dairy railway rooms ploughable subdivided road land
per acre acres sheep factory section milking homestead station house
easy freehold terms school water sheds dairy railway rooms
country grass apply post office per acre acres sheep factory section
well fenced price good easy freehold terms school water
ploughable subdivided road land country grass apply post office per acre
milking homestead station house well fenced price good easy
sheds dairy railway rooms ploughable subdivided road land country
acres sheep factory section milking homestead station house well
freehold terms school water sheds dairy railway rooms ploughable
grass apply post office per acre acres sheep factory section milking
POSTED.
1 Year	25s.
6 Months	13s.
3 Months	7s. 6d.
Saturday, April 2, 1910
